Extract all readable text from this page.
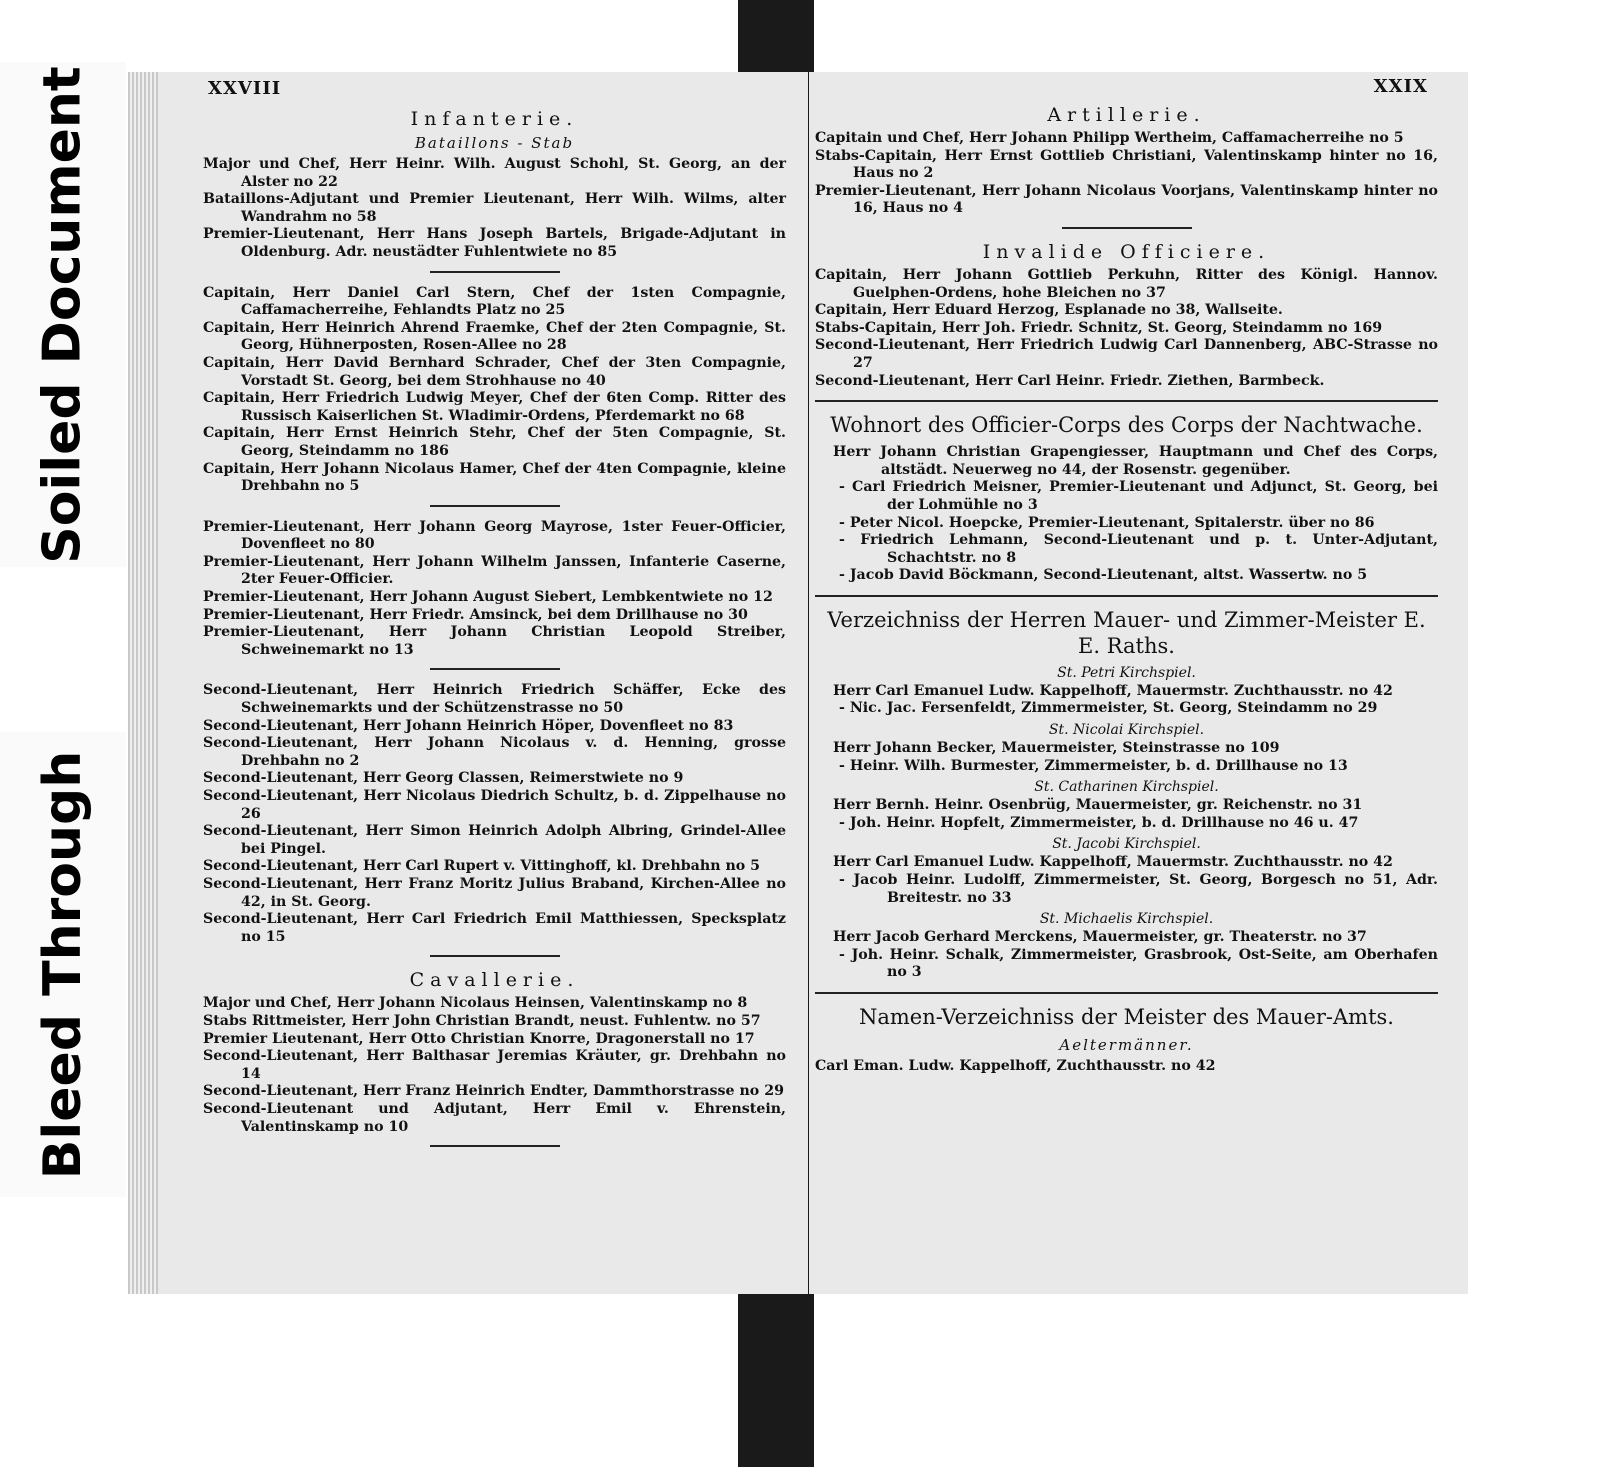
Soiled Document
Bleed Through
XXVIII
Infanterie.
Bataillons - Stab

Major und Chef, Herr Heinr. Wilh. August Schohl, St. Georg, an der Alster no 22

Bataillons-Adjutant und Premier Lieutenant, Herr Wilh. Wilms, alter Wandrahm no 58

Premier-Lieutenant, Herr Hans Joseph Bartels, Brigade-Adjutant in Oldenburg. Adr. neustädter Fuhlentwiete no 85

Capitain, Herr Daniel Carl Stern, Chef der 1sten Compagnie, Caffamacherreihe, Fehlandts Platz no 25

Capitain, Herr Heinrich Ahrend Fraemke, Chef der 2ten Compagnie, St. Georg, Hühnerposten, Rosen-Allee no 28

Capitain, Herr David Bernhard Schrader, Chef der 3ten Compagnie, Vorstadt St. Georg, bei dem Strohhause no 40

Capitain, Herr Friedrich Ludwig Meyer, Chef der 6ten Comp. Ritter des Russisch Kaiserlichen St. Wladimir-Ordens, Pferdemarkt no 68

Capitain, Herr Ernst Heinrich Stehr, Chef der 5ten Compagnie, St. Georg, Steindamm no 186

Capitain, Herr Johann Nicolaus Hamer, Chef der 4ten Compagnie, kleine Drehbahn no 5

Premier-Lieutenant, Herr Johann Georg Mayrose, 1ster Feuer-Officier, Dovenfleet no 80

Premier-Lieutenant, Herr Johann Wilhelm Janssen, Infanterie Caserne, 2ter Feuer-Officier.

Premier-Lieutenant, Herr Johann August Siebert, Lembkentwiete no 12

Premier-Lieutenant, Herr Friedr. Amsinck, bei dem Drillhause no 30

Premier-Lieutenant, Herr Johann Christian Leopold Streiber, Schweinemarkt no 13

Second-Lieutenant, Herr Heinrich Friedrich Schäffer, Ecke des Schweinemarkts und der Schützenstrasse no 50

Second-Lieutenant, Herr Johann Heinrich Höper, Dovenfleet no 83

Second-Lieutenant, Herr Johann Nicolaus v. d. Henning, grosse Drehbahn no 2

Second-Lieutenant, Herr Georg Classen, Reimerstwiete no 9

Second-Lieutenant, Herr Nicolaus Diedrich Schultz, b. d. Zippelhause no 26

Second-Lieutenant, Herr Simon Heinrich Adolph Albring, Grindel-Allee bei Pingel.

Second-Lieutenant, Herr Carl Rupert v. Vittinghoff, kl. Drehbahn no 5

Second-Lieutenant, Herr Franz Moritz Julius Braband, Kirchen-Allee no 42, in St. Georg.

Second-Lieutenant, Herr Carl Friedrich Emil Matthiessen, Specksplatz no 15

Cavallerie.

Major und Chef, Herr Johann Nicolaus Heinsen, Valentinskamp no 8

Stabs Rittmeister, Herr John Christian Brandt, neust. Fuhlentw. no 57

Premier Lieutenant, Herr Otto Christian Knorre, Dragonerstall no 17

Second-Lieutenant, Herr Balthasar Jeremias Kräuter, gr. Drehbahn no 14

Second-Lieutenant, Herr Franz Heinrich Endter, Dammthorstrasse no 29

Second-Lieutenant und Adjutant, Herr Emil v. Ehrenstein, Valentinskamp no 10

XXIX
Artillerie.

Capitain und Chef, Herr Johann Philipp Wertheim, Caffamacherreihe no 5

Stabs-Capitain, Herr Ernst Gottlieb Christiani, Valentinskamp hinter no 16, Haus no 2

Premier-Lieutenant, Herr Johann Nicolaus Voorjans, Valentinskamp hinter no 16, Haus no 4

Invalide Officiere.

Capitain, Herr Johann Gottlieb Perkuhn, Ritter des Königl. Hannov. Guelphen-Ordens, hohe Bleichen no 37

Capitain, Herr Eduard Herzog, Esplanade no 38, Wallseite.

Stabs-Capitain, Herr Joh. Friedr. Schnitz, St. Georg, Steindamm no 169

Second-Lieutenant, Herr Friedrich Ludwig Carl Dannenberg, ABC-Strasse no 27

Second-Lieutenant, Herr Carl Heinr. Friedr. Ziethen, Barmbeck.

Wohnort des Officier-Corps des Corps der Nachtwache.

Herr Johann Christian Grapengiesser, Hauptmann und Chef des Corps, altstädt. Neuerweg no 44, der Rosenstr. gegenüber.

- Carl Friedrich Meisner, Premier-Lieutenant und Adjunct, St. Georg, bei der Lohmühle no 3

- Peter Nicol. Hoepcke, Premier-Lieutenant, Spitalerstr. über no 86

- Friedrich Lehmann, Second-Lieutenant und p. t. Unter-Adjutant, Schachtstr. no 8

- Jacob David Böckmann, Second-Lieutenant, altst. Wassertw. no 5

Verzeichniss der Herren Mauer- und Zimmer-Meister E. E. Raths.
St. Petri Kirchspiel.

Herr Carl Emanuel Ludw. Kappelhoff, Mauermstr. Zuchthausstr. no 42

- Nic. Jac. Fersenfeldt, Zimmermeister, St. Georg, Steindamm no 29

St. Nicolai Kirchspiel.

Herr Johann Becker, Mauermeister, Steinstrasse no 109

- Heinr. Wilh. Burmester, Zimmermeister, b. d. Drillhause no 13

St. Catharinen Kirchspiel.

Herr Bernh. Heinr. Osenbrüg, Mauermeister, gr. Reichenstr. no 31

- Joh. Heinr. Hopfelt, Zimmermeister, b. d. Drillhause no 46 u. 47

St. Jacobi Kirchspiel.

Herr Carl Emanuel Ludw. Kappelhoff, Mauermstr. Zuchthausstr. no 42

- Jacob Heinr. Ludolff, Zimmermeister, St. Georg, Borgesch no 51, Adr. Breitestr. no 33

St. Michaelis Kirchspiel.

Herr Jacob Gerhard Merckens, Mauermeister, gr. Theaterstr. no 37

- Joh. Heinr. Schalk, Zimmermeister, Grasbrook, Ost-Seite, am Oberhafen no 3

Namen-Verzeichniss der Meister des Mauer-Amts.
Aeltermänner.

Carl Eman. Ludw. Kappelhoff, Zuchthausstr. no 42
